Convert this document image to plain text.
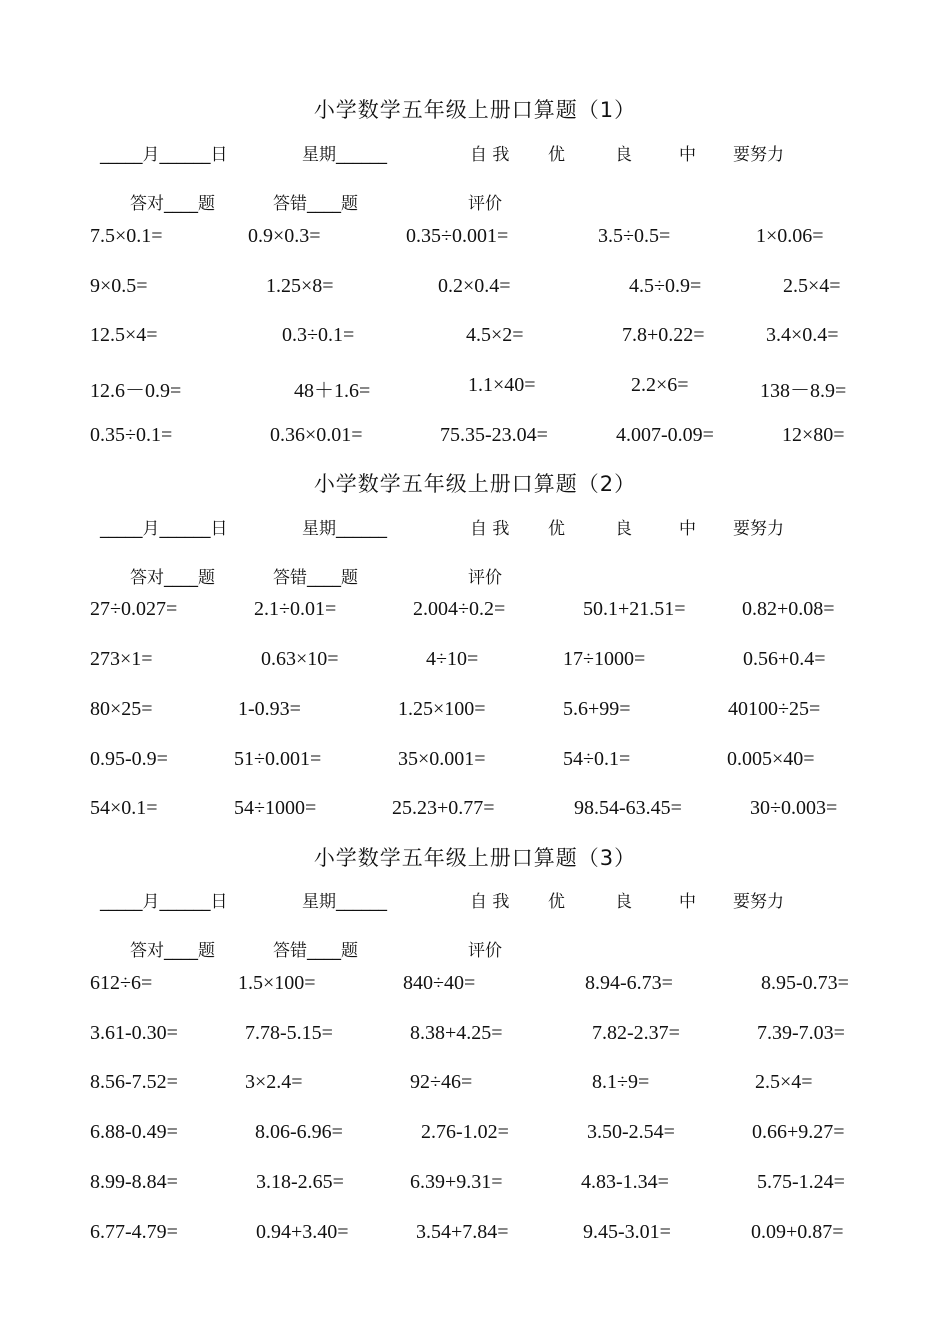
小学数学五年级上册口算题（1）
_____月______日	星期______	自 我 优	良	中 要努力
答对____题	答错____题	评价
7.5×0.1=	0.9×0.3=	0.35÷0.001=	3.5÷0.5=	1×0.06=
9×0.5=	1.25×8=	0.2×0.4=	4.5÷0.9=	2.5×4=
12.5×4=	0.3÷0.1=	4.5×2=	7.8+0.22=	3.4×0.4=
12.6－0.9=	48＋1.6=	1.1×40=	2.2×6=	138－8.9=
0.35÷0.1=	0.36×0.01=	75.35-23.04=	4.007-0.09=	12×80=
小学数学五年级上册口算题（2）
_____月______日	星期______	自 我 优	良	中 要努力
答对____题	答错____题	评价
27÷0.027=	2.1÷0.01=	2.004÷0.2=	50.1+21.51=	0.82+0.08=
273×1=	0.63×10=	4÷10=	17÷1000=	0.56+0.4=
80×25=	1-0.93=	1.25×100=	5.6+99=	40100÷25=
0.95-0.9=	51÷0.001=	35×0.001=	54÷0.1=	0.005×40=
54×0.1=	54÷1000=	25.23+0.77=	98.54-63.45=	30÷0.003=
小学数学五年级上册口算题（3）
_____月______日	星期______	自 我 优	良	中 要努力
答对____题	答错____题	评价
612÷6=	1.5×100=	840÷40=	8.94-6.73=	8.95-0.73=
3.61-0.30=	7.78-5.15=	8.38+4.25=	7.82-2.37=	7.39-7.03=
8.56-7.52=	3×2.4=	92÷46=	8.1÷9=	2.5×4=
6.88-0.49=	8.06-6.96=	2.76-1.02=	3.50-2.54=	0.66+9.27=
8.99-8.84=	3.18-2.65=	6.39+9.31=	4.83-1.34=	5.75-1.24=
6.77-4.79=	0.94+3.40=	3.54+7.84=	9.45-3.01=	0.09+0.87=
